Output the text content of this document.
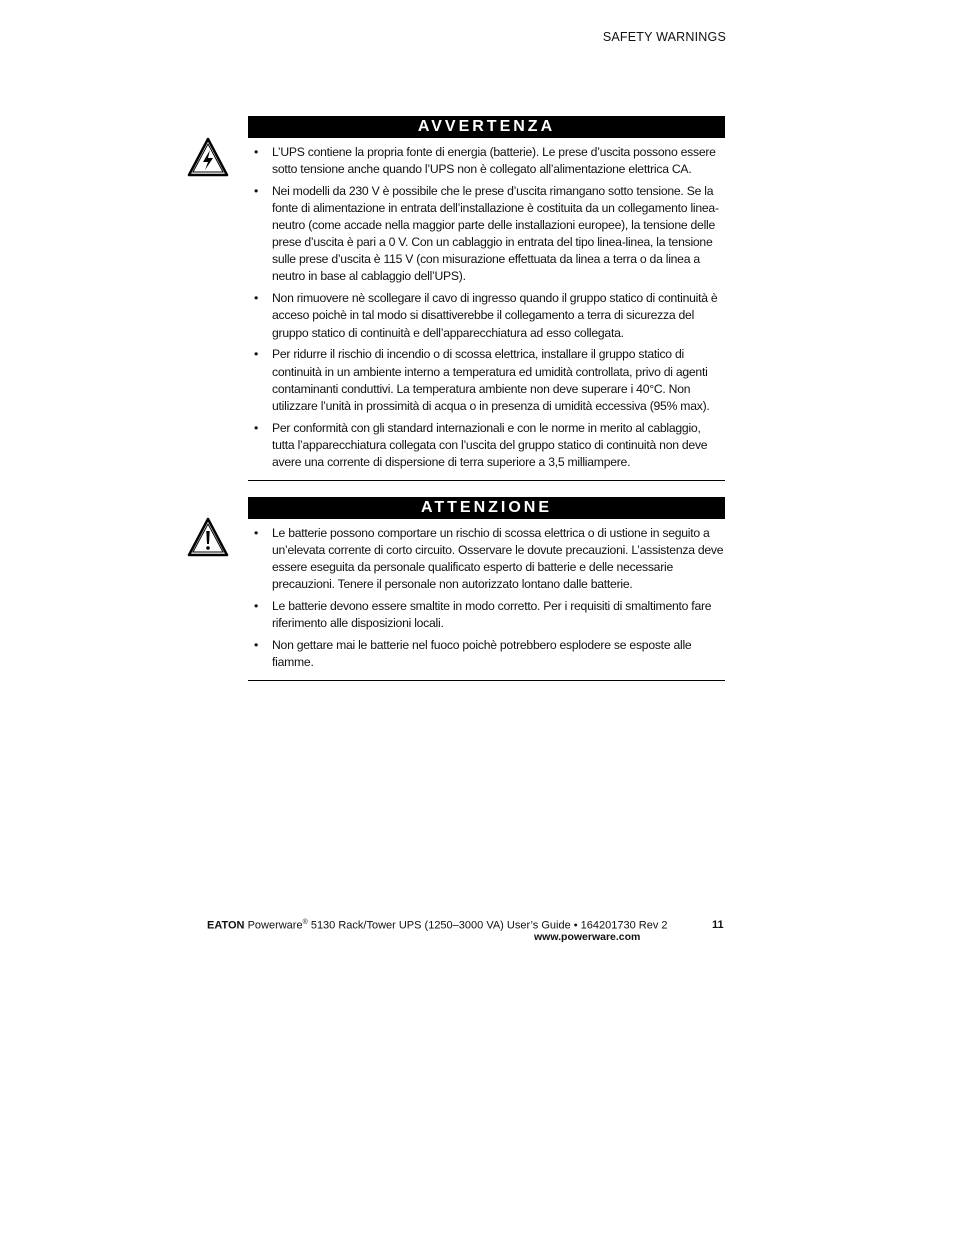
SAFETY WARNINGS
AVVERTENZA
• L’UPS contiene la propria fonte di energia (batterie). Le prese d’uscita possono essere sotto tensione anche quando l’UPS non è collegato all’alimentazione elettrica CA.
• Nei modelli da 230 V è possibile che le prese d’uscita rimangano sotto tensione. Se la fonte di alimentazione in entrata dell’installazione è costituita da un collegamento linea-neutro (come accade nella maggior parte delle installazioni europee), la tensione delle prese d’uscita è pari a 0 V. Con un cablaggio in entrata del tipo linea-linea, la tensione sulle prese d’uscita è 115 V (con misurazione effettuata da linea a terra o da linea a neutro in base al cablaggio dell’UPS).
• Non rimuovere nè scollegare il cavo di ingresso quando il gruppo statico di continuità è acceso poichè in tal modo si disattiverebbe il collegamento a terra di sicurezza del gruppo statico di continuità e dell’apparecchiatura ad esso collegata.
• Per ridurre il rischio di incendio o di scossa elettrica, installare il gruppo statico di continuità in un ambiente interno a temperatura ed umidità controllata, privo di agenti contaminanti conduttivi. La temperatura ambiente non deve superare i 40°C. Non utilizzare l’unità in prossimità di acqua o in presenza di umidità eccessiva (95% max).
• Per conformità con gli standard internazionali e con le norme in merito al cablaggio, tutta l’apparecchiatura collegata con l’uscita del gruppo statico di continuità non deve avere una corrente di dispersione di terra superiore a 3,5 milliampere.
ATTENZIONE
• Le batterie possono comportare un rischio di scossa elettrica o di ustione in seguito a un’elevata corrente di corto circuito. Osservare le dovute precauzioni. L’assistenza deve essere eseguita da personale qualificato esperto di batterie e delle necessarie precauzioni. Tenere il personale non autorizzato lontano dalle batterie.
• Le batterie devono essere smaltite in modo corretto. Per i requisiti di smaltimento fare riferimento alle disposizioni locali.
• Non gettare mai le batterie nel fuoco poichè potrebbero esplodere se esposte alle fiamme.
EATON Powerware® 5130 Rack/Tower UPS (1250–3000 VA) User’s Guide • 164201730 Rev 2
www.powerware.com
11
